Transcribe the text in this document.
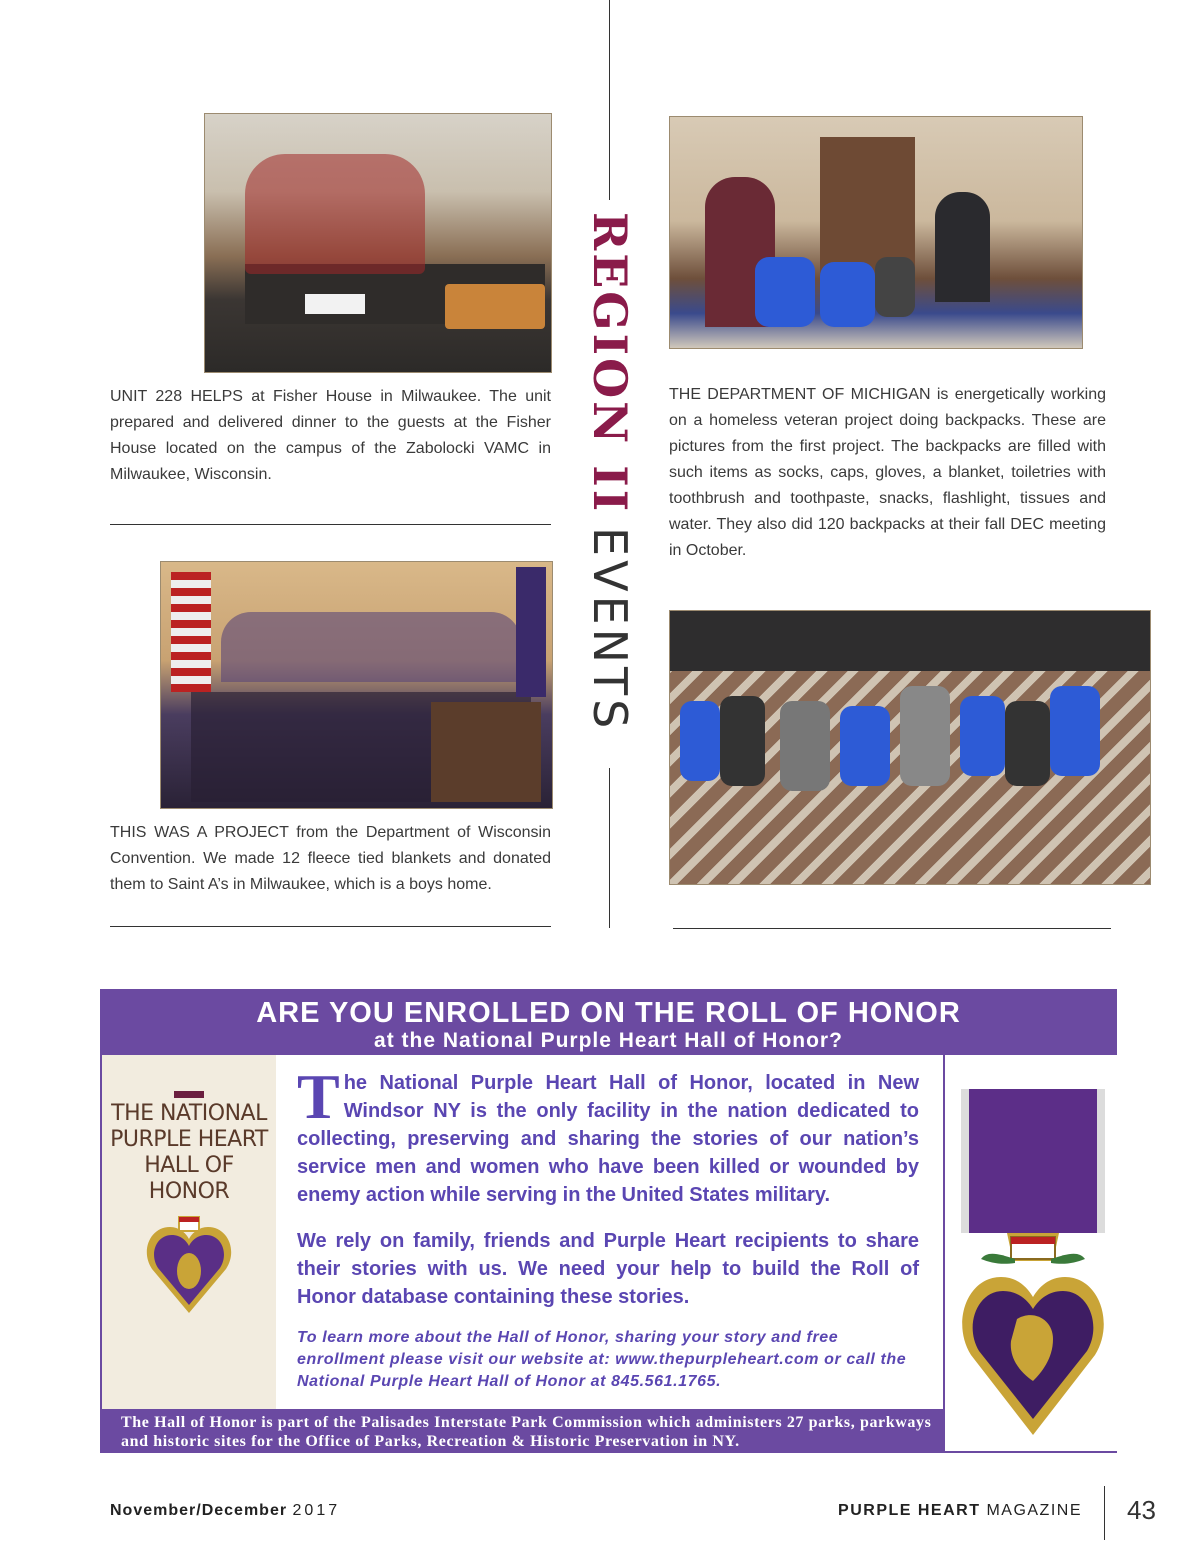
UNIT 228 HELPS at Fisher House in Milwaukee. The unit prepared and delivered dinner to the guests at the Fisher House located on the campus of the Zabolocki VAMC in Milwaukee, Wisconsin.

THIS WAS A PROJECT from the Department of Wisconsin Convention. We made 12 fleece tied blankets and donated them to Saint A’s in Milwaukee, which is a boys home.

THE DEPARTMENT OF MICHIGAN is energetically working on a homeless veteran project doing backpacks. These are pictures from the first project. The backpacks are filled with such items as socks, caps, gloves, a blanket, toiletries with toothbrush and toothpaste, snacks, flashlight, tissues and water. They also did 120 backpacks at their fall DEC meeting in October.

REGION II EVENTS
ARE YOU ENROLLED ON THE ROLL OF HONOR
at the National Purple Heart Hall of Honor?
THE NATIONAL PURPLE HEART HALL OF HONOR

The National Purple Heart Hall of Honor, located in New Windsor NY is the only facility in the nation dedicated to collecting, preserving and sharing the stories of our nation’s service men and women who have been killed or wounded by enemy action while serving in the United States military.

We rely on family, friends and Purple Heart recipients to share their stories with us. We need your help to build the Roll of Honor database containing these stories.

To learn more about the Hall of Honor, sharing your story and free enrollment please visit our website at: www.thepurpleheart.com or call the National Purple Heart Hall of Honor at 845.561.1765.

The Hall of Honor is part of the Palisades Interstate Park Commission which administers 27 parks, parkways and historic sites for the Office of Parks, Recreation & Historic Preservation in NY.
November/December 2017	PURPLE HEART MAGAZINE 43
